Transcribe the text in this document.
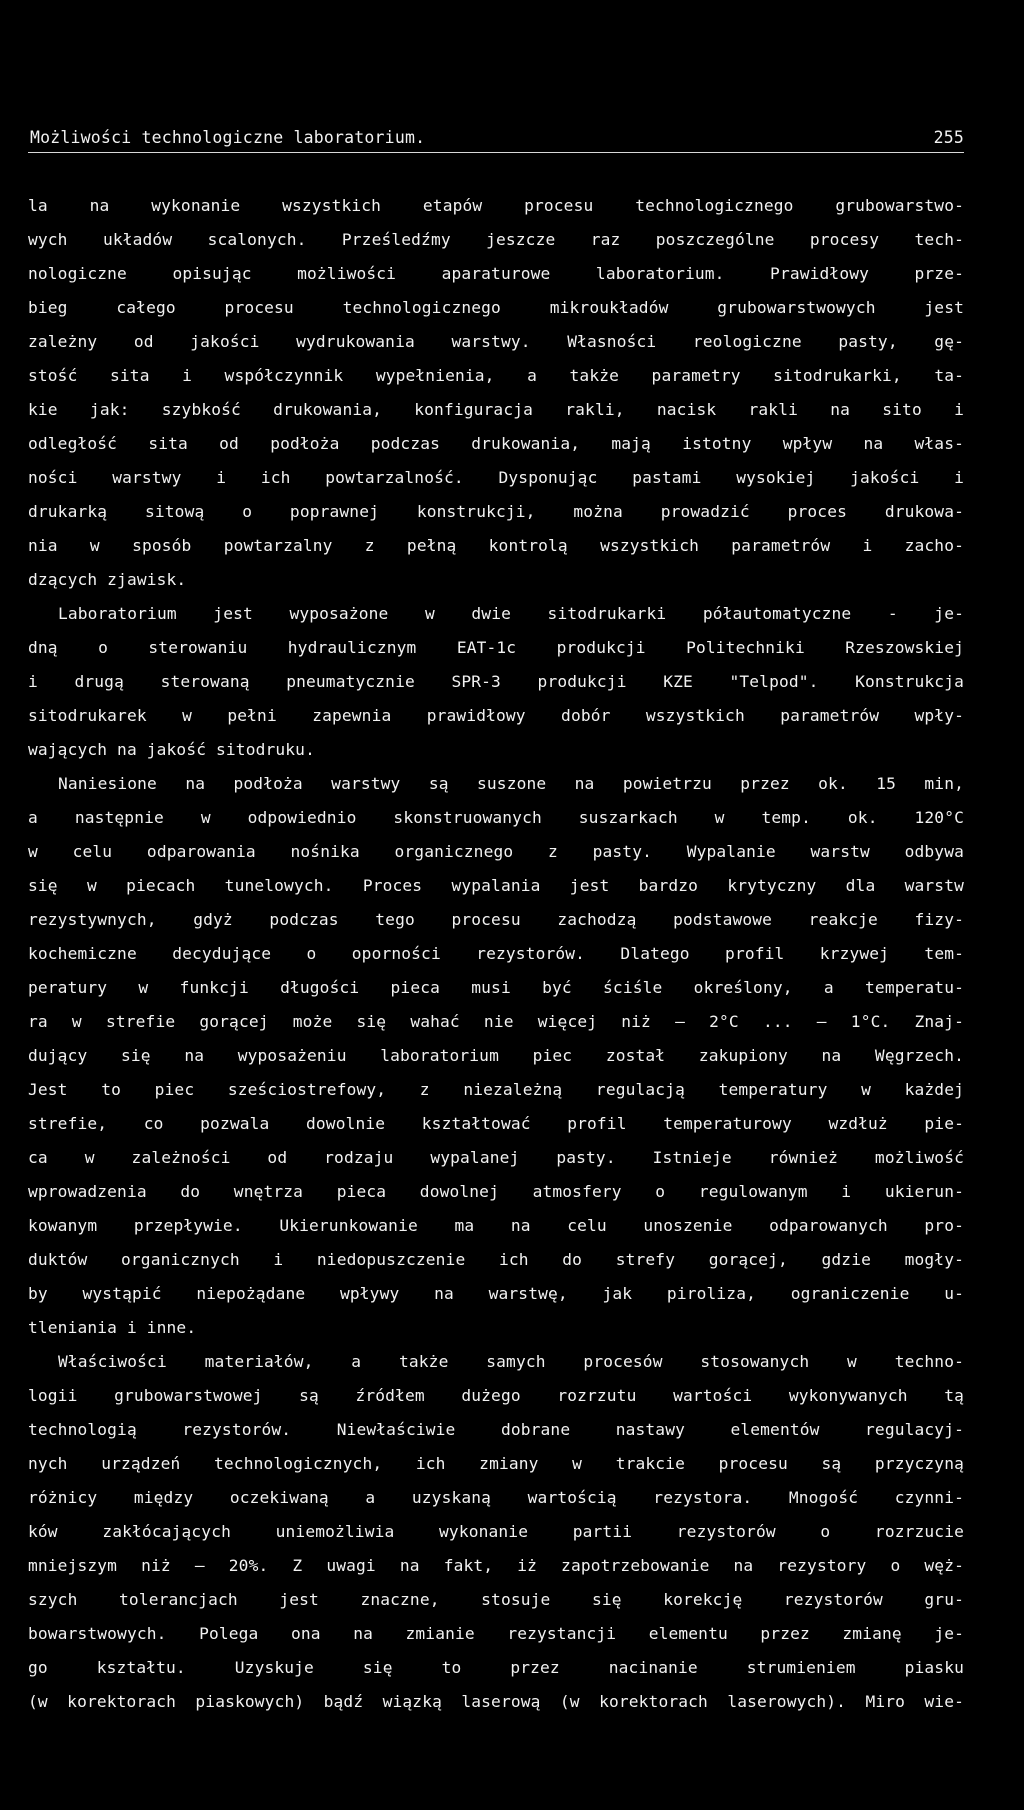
Możliwości technologiczne laboratorium.	255
la na wykonanie wszystkich etapów procesu technologicznego grubowarstwo-
wych układów scalonych. Prześledźmy jeszcze raz poszczególne procesy tech-
nologiczne opisując możliwości aparaturowe laboratorium. Prawidłowy prze-
bieg całego procesu technologicznego mikroukładów grubowarstwowych jest
zależny od jakości wydrukowania warstwy. Własności reologiczne pasty, gę-
stość sita i współczynnik wypełnienia, a także parametry sitodrukarki, ta-
kie jak: szybkość drukowania, konfiguracja rakli, nacisk rakli na sito i
odległość sita od podłoża podczas drukowania, mają istotny wpływ na włas-
ności warstwy i ich powtarzalność. Dysponując pastami wysokiej jakości i
drukarką sitową o poprawnej konstrukcji, można prowadzić proces drukowa-
nia w sposób powtarzalny z pełną kontrolą wszystkich parametrów i zacho-
dzących zjawisk.
Laboratorium jest wyposażone w dwie sitodrukarki półautomatyczne - je-
dną o sterowaniu hydraulicznym EAT-1c produkcji Politechniki Rzeszowskiej
i drugą sterowaną pneumatycznie SPR-3 produkcji KZE "Telpod". Konstrukcja
sitodrukarek w pełni zapewnia prawidłowy dobór wszystkich parametrów wpły-
wających na jakość sitodruku.
Naniesione na podłoża warstwy są suszone na powietrzu przez ok. 15 min,
a następnie w odpowiednio skonstruowanych suszarkach w temp. ok. 120°C
w celu odparowania nośnika organicznego z pasty. Wypalanie warstw odbywa
się w piecach tunelowych. Proces wypalania jest bardzo krytyczny dla warstw
rezystywnych, gdyż podczas tego procesu zachodzą podstawowe reakcje fizy-
kochemiczne decydujące o oporności rezystorów. Dlatego profil krzywej tem-
peratury w funkcji długości pieca musi być ściśle określony, a temperatu-
ra w strefie gorącej może się wahać nie więcej niż — 2°C ... — 1°C. Znaj-
dujący się na wyposażeniu laboratorium piec został zakupiony na Węgrzech.
Jest to piec sześciostrefowy, z niezależną regulacją temperatury w każdej
strefie, co pozwala dowolnie kształtować profil temperaturowy wzdłuż pie-
ca w zależności od rodzaju wypalanej pasty. Istnieje również możliwość
wprowadzenia do wnętrza pieca dowolnej atmosfery o regulowanym i ukierun-
kowanym przepływie. Ukierunkowanie ma na celu unoszenie odparowanych pro-
duktów organicznych i niedopuszczenie ich do strefy gorącej, gdzie mogły-
by wystąpić niepożądane wpływy na warstwę, jak piroliza, ograniczenie u-
tleniania i inne.
Właściwości materiałów, a także samych procesów stosowanych w techno-
logii grubowarstwowej są źródłem dużego rozrzutu wartości wykonywanych tą
technologią rezystorów. Niewłaściwie dobrane nastawy elementów regulacyj-
nych urządzeń technologicznych, ich zmiany w trakcie procesu są przyczyną
różnicy między oczekiwaną a uzyskaną wartością rezystora. Mnogość czynni-
ków zakłócających uniemożliwia wykonanie partii rezystorów o rozrzucie
mniejszym niż — 20%. Z uwagi na fakt, iż zapotrzebowanie na rezystory o węż-
szych tolerancjach jest znaczne, stosuje się korekcję rezystorów gru-
bowarstwowych. Polega ona na zmianie rezystancji elementu przez zmianę je-
go kształtu. Uzyskuje się to przez nacinanie strumieniem piasku
(w korektorach piaskowych) bądź wiązką laserową (w korektorach laserowych). Miro wie-
